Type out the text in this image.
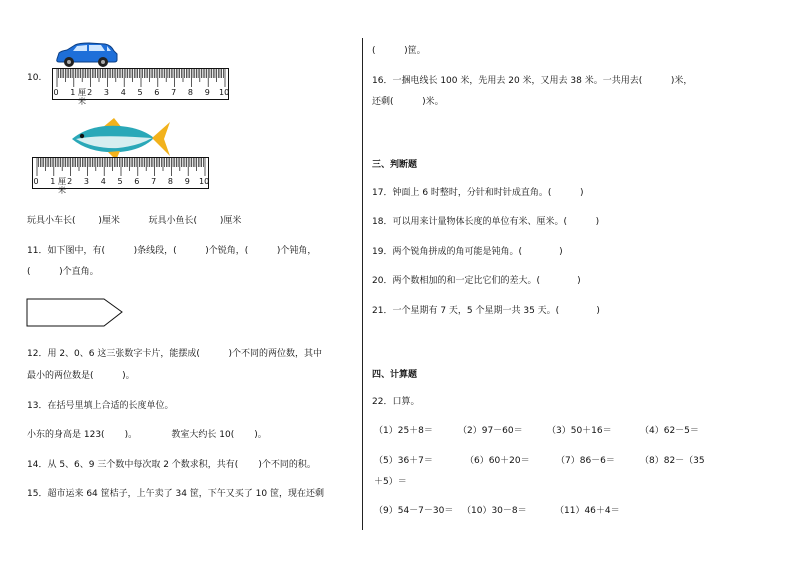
10.
0 1 2 3 4 5 6 7 8 9 10
厘米
0 1 2 3 4 5 6 7 8 9 10
厘米
玩具小车长(        )厘米          玩具小鱼长(        )厘米
11．如下图中，有(          )条线段，(          )个锐角，(          )个钝角，
(          )个直角。
12．用 2、0、6 这三张数字卡片，能摆成(          )个不同的两位数，其中
最小的两位数是(          )。
13．在括号里填上合适的长度单位。
小东的身高是 123(       )。            教室大约长 10(       )。
14．从 5、6、9 三个数中每次取 2 个数求积，共有(       )个不同的积。
15．超市运来 64 筐桔子，上午卖了 34 筐，下午又买了 10 筐，现在还剩
(          )筐。
16．一捆电线长 100 米，先用去 20 米，又用去 38 米。一共用去(          )米，
还剩(          )米。
三、判断题
17．钟面上 6 时整时，分针和时针成直角。(          )
18．可以用来计量物体长度的单位有米、厘米。(          )
19．两个锐角拼成的角可能是钝角。(             )
20．两个数相加的和一定比它们的差大。(             )
21．一个星期有 7 天，5 个星期一共 35 天。(             )
四、计算题
22．口算。
（1）25＋8＝	（2）97－60＝	（3）50＋16＝	（4）62－5＝
（5）36＋7＝	（6）60＋20＝	（7）86－6＝	（8）82－（35
＋5）＝
（9）54－7－30＝ （10）30－8＝	（11）46＋4＝
